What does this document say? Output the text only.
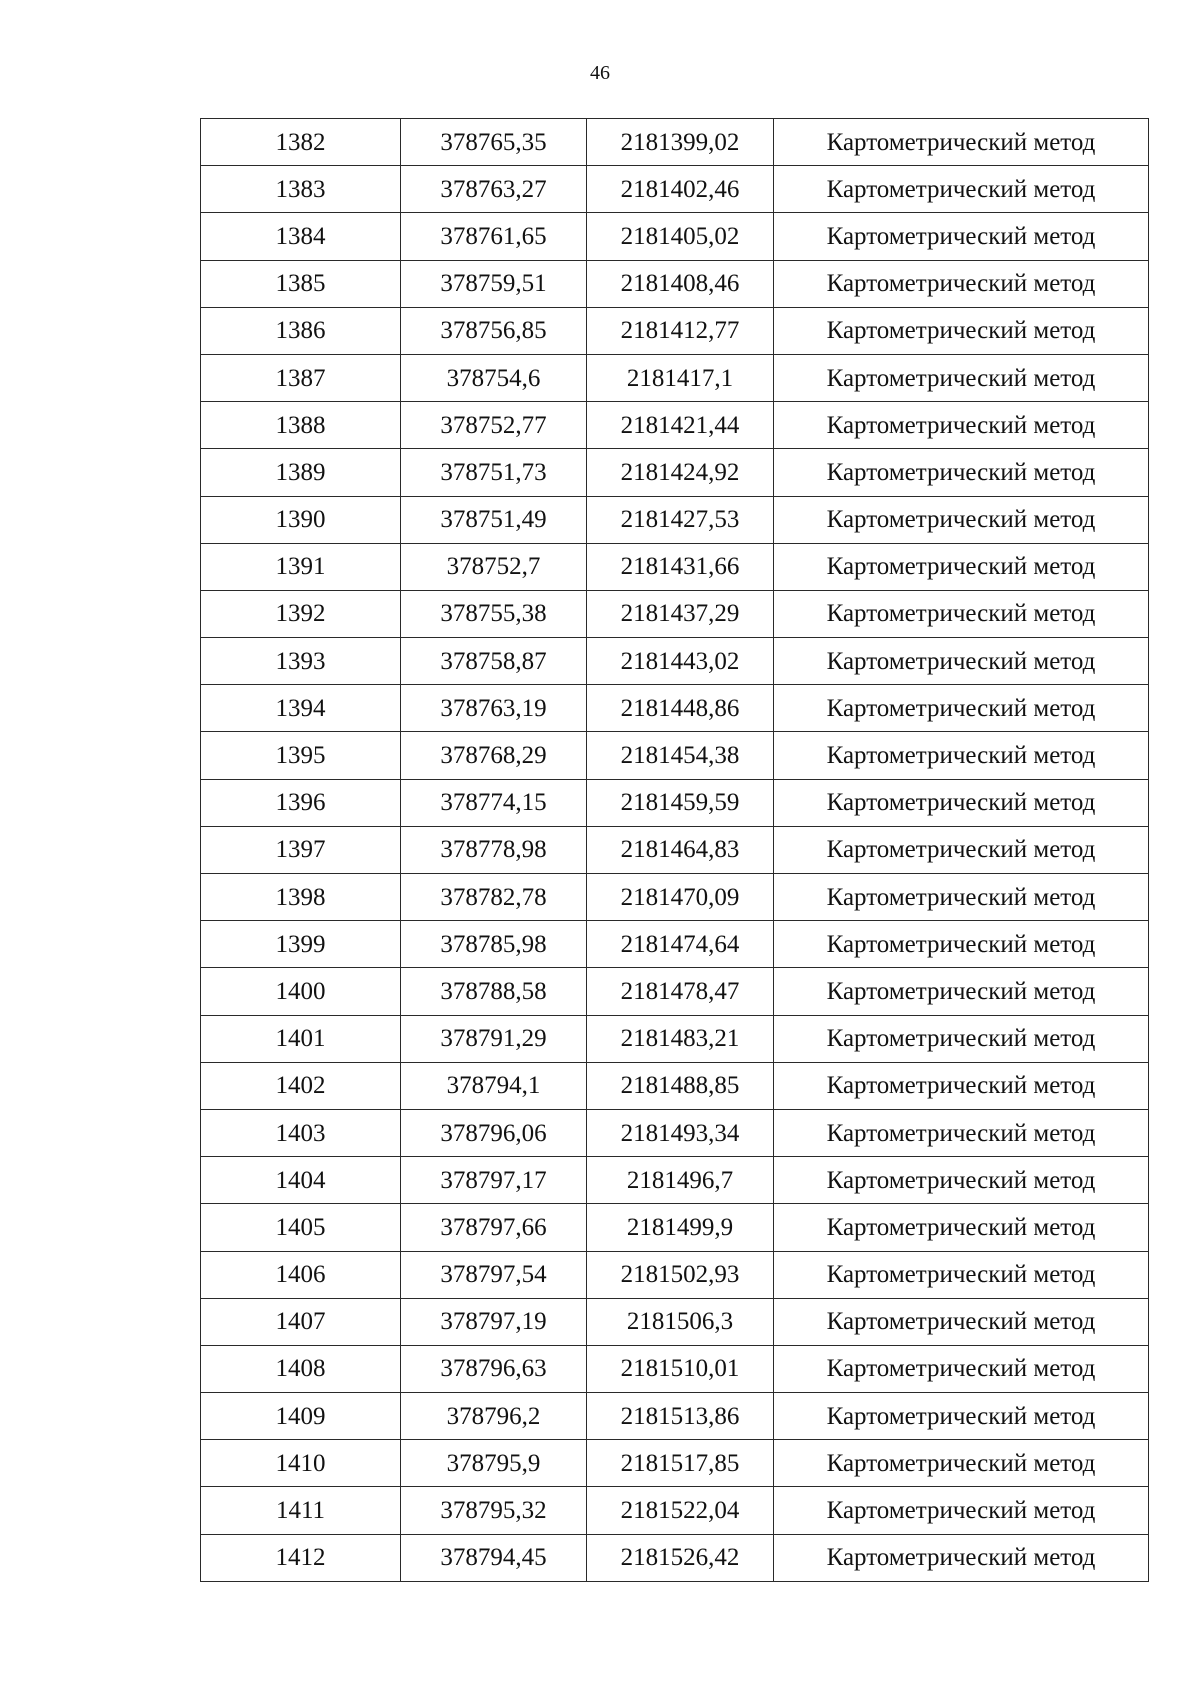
46
1382	378765,35	2181399,02	Картометрический метод
1383	378763,27	2181402,46	Картометрический метод
1384	378761,65	2181405,02	Картометрический метод
1385	378759,51	2181408,46	Картометрический метод
1386	378756,85	2181412,77	Картометрический метод
1387	378754,6	2181417,1	Картометрический метод
1388	378752,77	2181421,44	Картометрический метод
1389	378751,73	2181424,92	Картометрический метод
1390	378751,49	2181427,53	Картометрический метод
1391	378752,7	2181431,66	Картометрический метод
1392	378755,38	2181437,29	Картометрический метод
1393	378758,87	2181443,02	Картометрический метод
1394	378763,19	2181448,86	Картометрический метод
1395	378768,29	2181454,38	Картометрический метод
1396	378774,15	2181459,59	Картометрический метод
1397	378778,98	2181464,83	Картометрический метод
1398	378782,78	2181470,09	Картометрический метод
1399	378785,98	2181474,64	Картометрический метод
1400	378788,58	2181478,47	Картометрический метод
1401	378791,29	2181483,21	Картометрический метод
1402	378794,1	2181488,85	Картометрический метод
1403	378796,06	2181493,34	Картометрический метод
1404	378797,17	2181496,7	Картометрический метод
1405	378797,66	2181499,9	Картометрический метод
1406	378797,54	2181502,93	Картометрический метод
1407	378797,19	2181506,3	Картометрический метод
1408	378796,63	2181510,01	Картометрический метод
1409	378796,2	2181513,86	Картометрический метод
1410	378795,9	2181517,85	Картометрический метод
1411	378795,32	2181522,04	Картометрический метод
1412	378794,45	2181526,42	Картометрический метод
